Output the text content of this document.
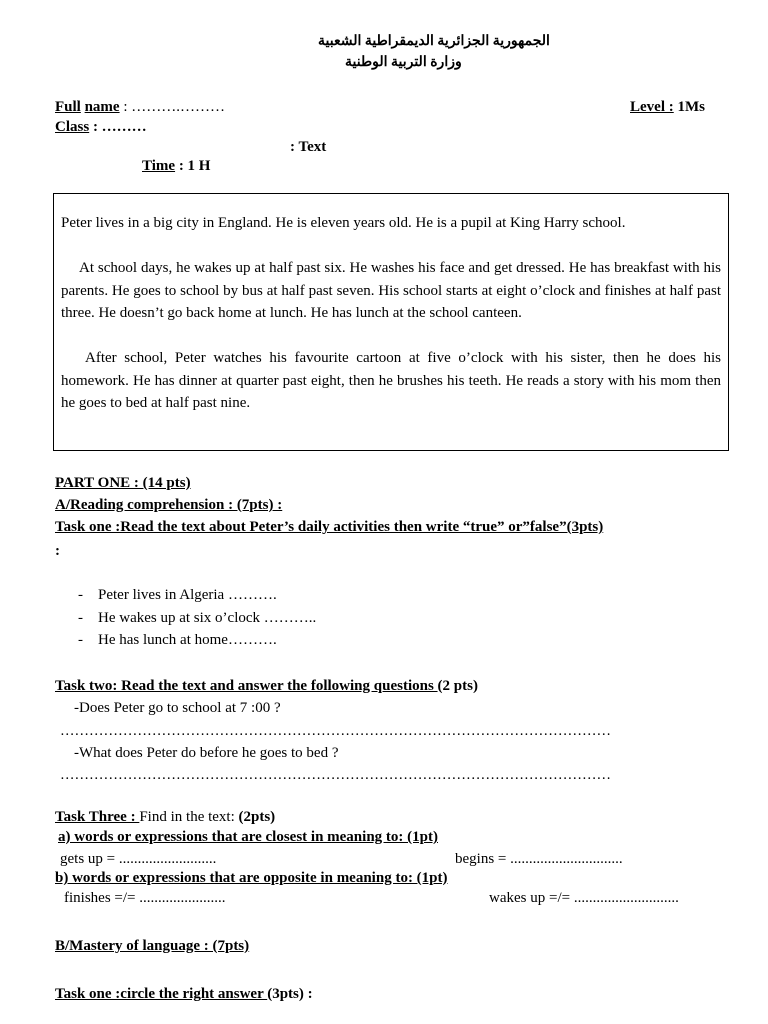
الجمهورية الجزائرية الديمقراطية الشعبية
وزارة التربية الوطنية
Full name : ……….………	Level : 1Ms
Class : ………
: Text
Time : 1 H
Peter lives in a big city in England. He is eleven years old. He is a pupil at King Harry school.
At school days, he wakes up at half past six. He washes his face and get dressed. He has breakfast with his parents. He goes to school by bus at half past seven. His school starts at eight o’clock and finishes at half past three. He doesn’t go back home at lunch. He has lunch at the school canteen.
After school, Peter watches his favourite cartoon at five o’clock with his sister, then he does his homework. He has dinner at quarter past eight, then he brushes his teeth. He reads a story with his mom then he goes to bed at half past nine.
PART ONE : (14 pts)
A/Reading comprehension : (7pts) :
Task one :Read the text about Peter’s daily activities then write “true” or”false”(3pts)
:
-    Peter lives in Algeria ……….
-    He wakes up at six o’clock ………..
-    He has lunch at home……….
Task two: Read the text and answer the following questions (2 pts)
-Does Peter go to school at 7 :00 ?
……………………………………………………………………………………………………
-What does Peter do before he goes to bed ?
……………………………………………………………………………………………………
Task Three : Find in the text: (2pts)
a) words or expressions that are closest in meaning to: (1pt)
gets up = ..........................	begins = ..............................
b) words or expressions that are opposite in meaning to: (1pt)
finishes =/= .......................	wakes up =/= ............................
B/Mastery of language : (7pts)
Task one :circle the right answer (3pts) :
